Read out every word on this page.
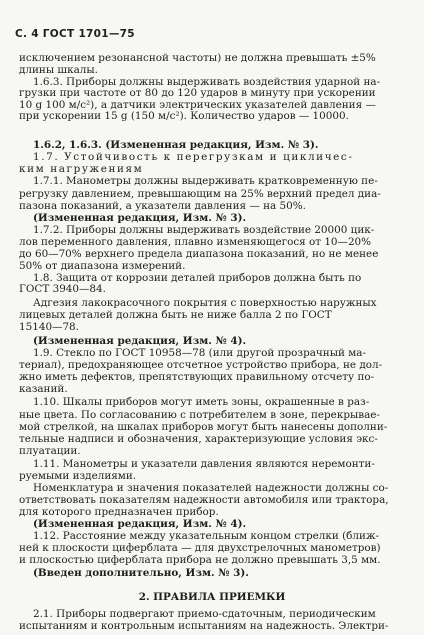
С. 4 ГОСТ 1701—75
исключением резонансной частоты) не должна превышать ±5%
длины шкалы.
1.6.3. Приборы должны выдерживать воздействия ударной на-
грузки при частоте от 80 до 120 ударов в минуту при ускорении
10 g 100 м/с²), а датчики электрических указателей давления —
при ускорении 15 g (150 м/с²). Количество ударов — 10000.
1.6.2, 1.6.3. (Измененная редакция, Изм. № 3).
1.7. Устойчивость к перегрузкам и цикличес-
ким нагружениям
1.7.1. Манометры должны выдерживать кратковременную пе-
регрузку давлением, превышающим на 25% верхний предел диа-
пазона показаний, а указатели давления — на 50%.
(Измененная редакция, Изм. № 3).
1.7.2. Приборы должны выдерживать воздействие 20000 цик-
лов переменного давления, плавно изменяющегося от 10—20%
до 60—70% верхнего предела диапазона показаний, но не менее
50% от диапазона измерений.
1.8. Защита от коррозии деталей приборов должна быть по
ГОСТ 3940—84.
Адгезия лакокрасочного покрытия с поверхностью наружных
лицевых деталей должна быть не ниже балла 2 по ГОСТ
15140—78.
(Измененная редакция, Изм. № 4).
1.9. Стекло по ГОСТ 10958—78 (или другой прозрачный ма-
териал), предохраняющее отсчетное устройство прибора, не дол-
жно иметь дефектов, препятствующих правильному отсчету по-
казаний.
1.10. Шкалы приборов могут иметь зоны, окрашенные в раз-
ные цвета. По согласованию с потребителем в зоне, перекрывае-
мой стрелкой, на шкалах приборов могут быть нанесены дополни-
тельные надписи и обозначения, характеризующие условия экс-
плуатации.
1.11. Манометры и указатели давления являются неремонти-
руемыми изделиями.
Номенклатура и значения показателей надежности должны со-
ответствовать показателям надежности автомобиля или трактора,
для которого предназначен прибор.
(Измененная редакция, Изм. № 4).
1.12. Расстояние между указательным концом стрелки (ближ-
ней к плоскости циферблата — для двухстрелочных манометров)
и плоскостью циферблата прибора не должно превышать 3,5 мм.
(Введен дополнительно, Изм. № 3).
2. ПРАВИЛА ПРИЕМКИ
2.1. Приборы подвергают приемо-сдаточным, периодическим
испытаниям и контрольным испытаниям на надежность. Электри-
